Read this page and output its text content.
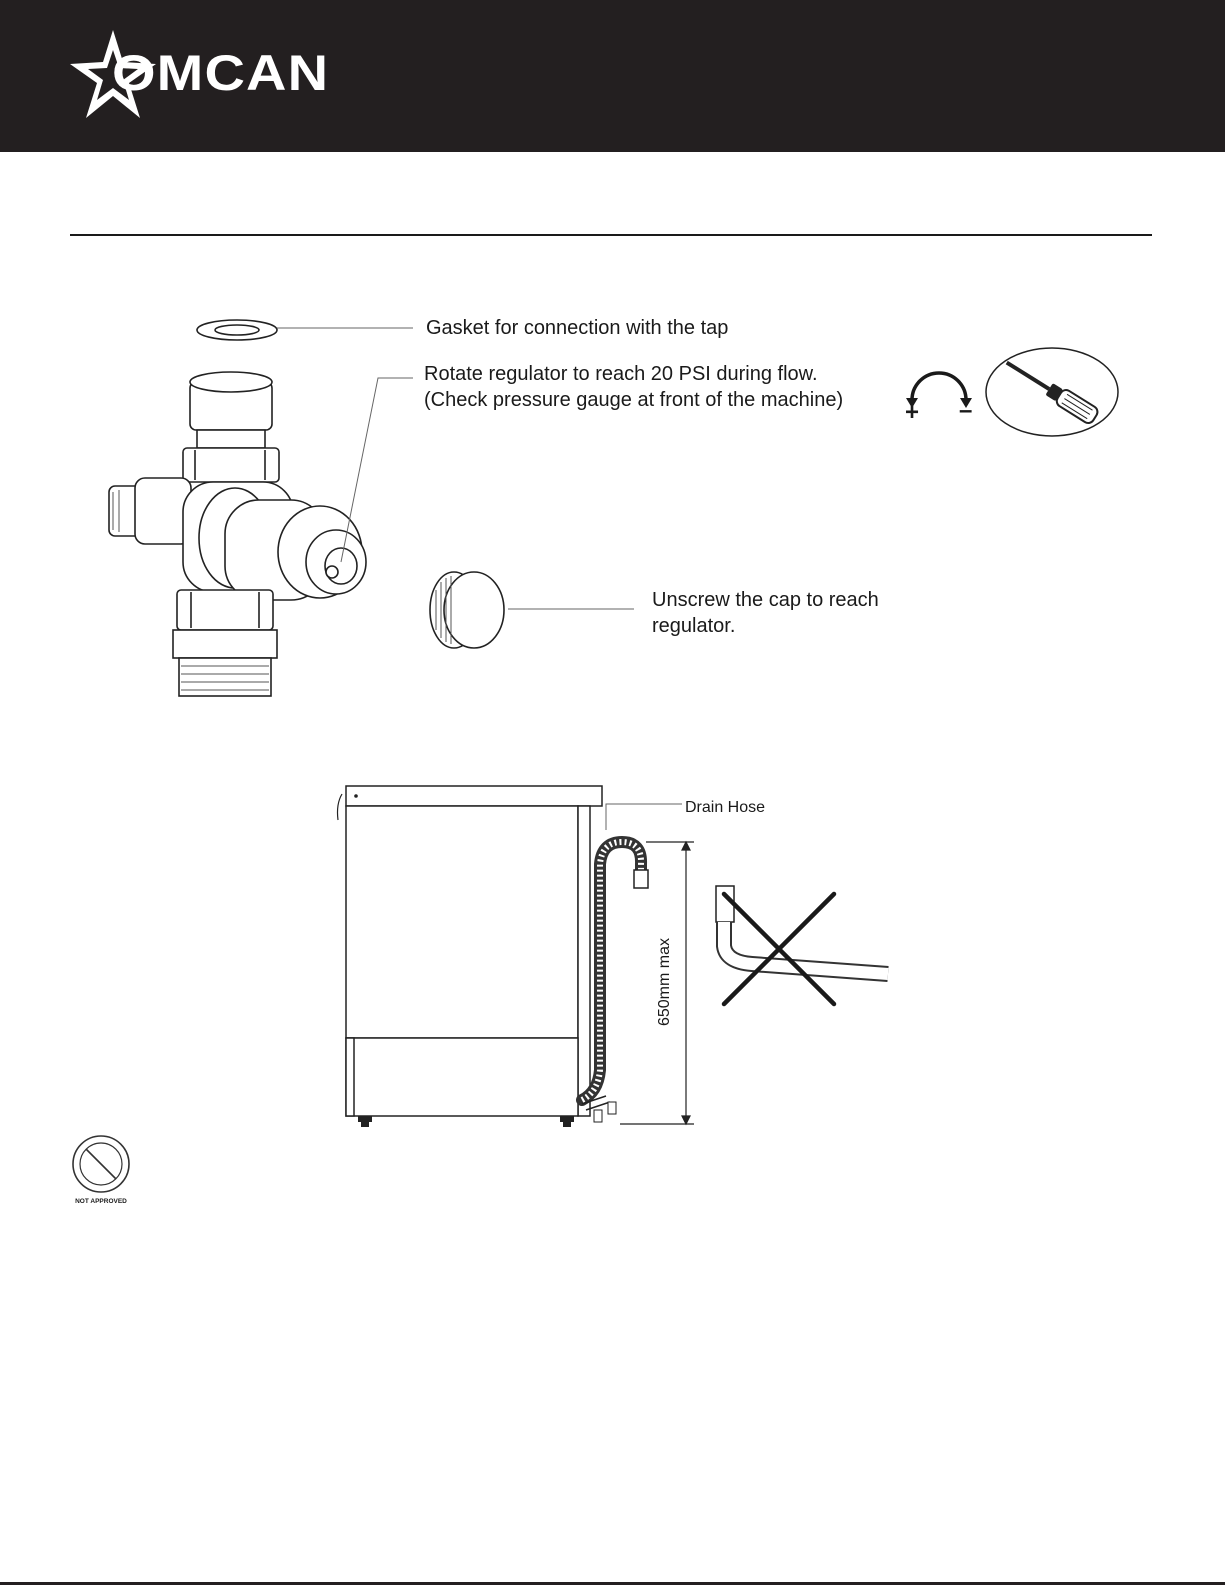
OMCAN
Gasket for connection with the tap
Rotate regulator to reach 20 PSI during flow.
(Check pressure gauge at front of the machine)
Unscrew the cap to reach
regulator.
+ –
Drain Hose
650mm max
NOT APPROVED
